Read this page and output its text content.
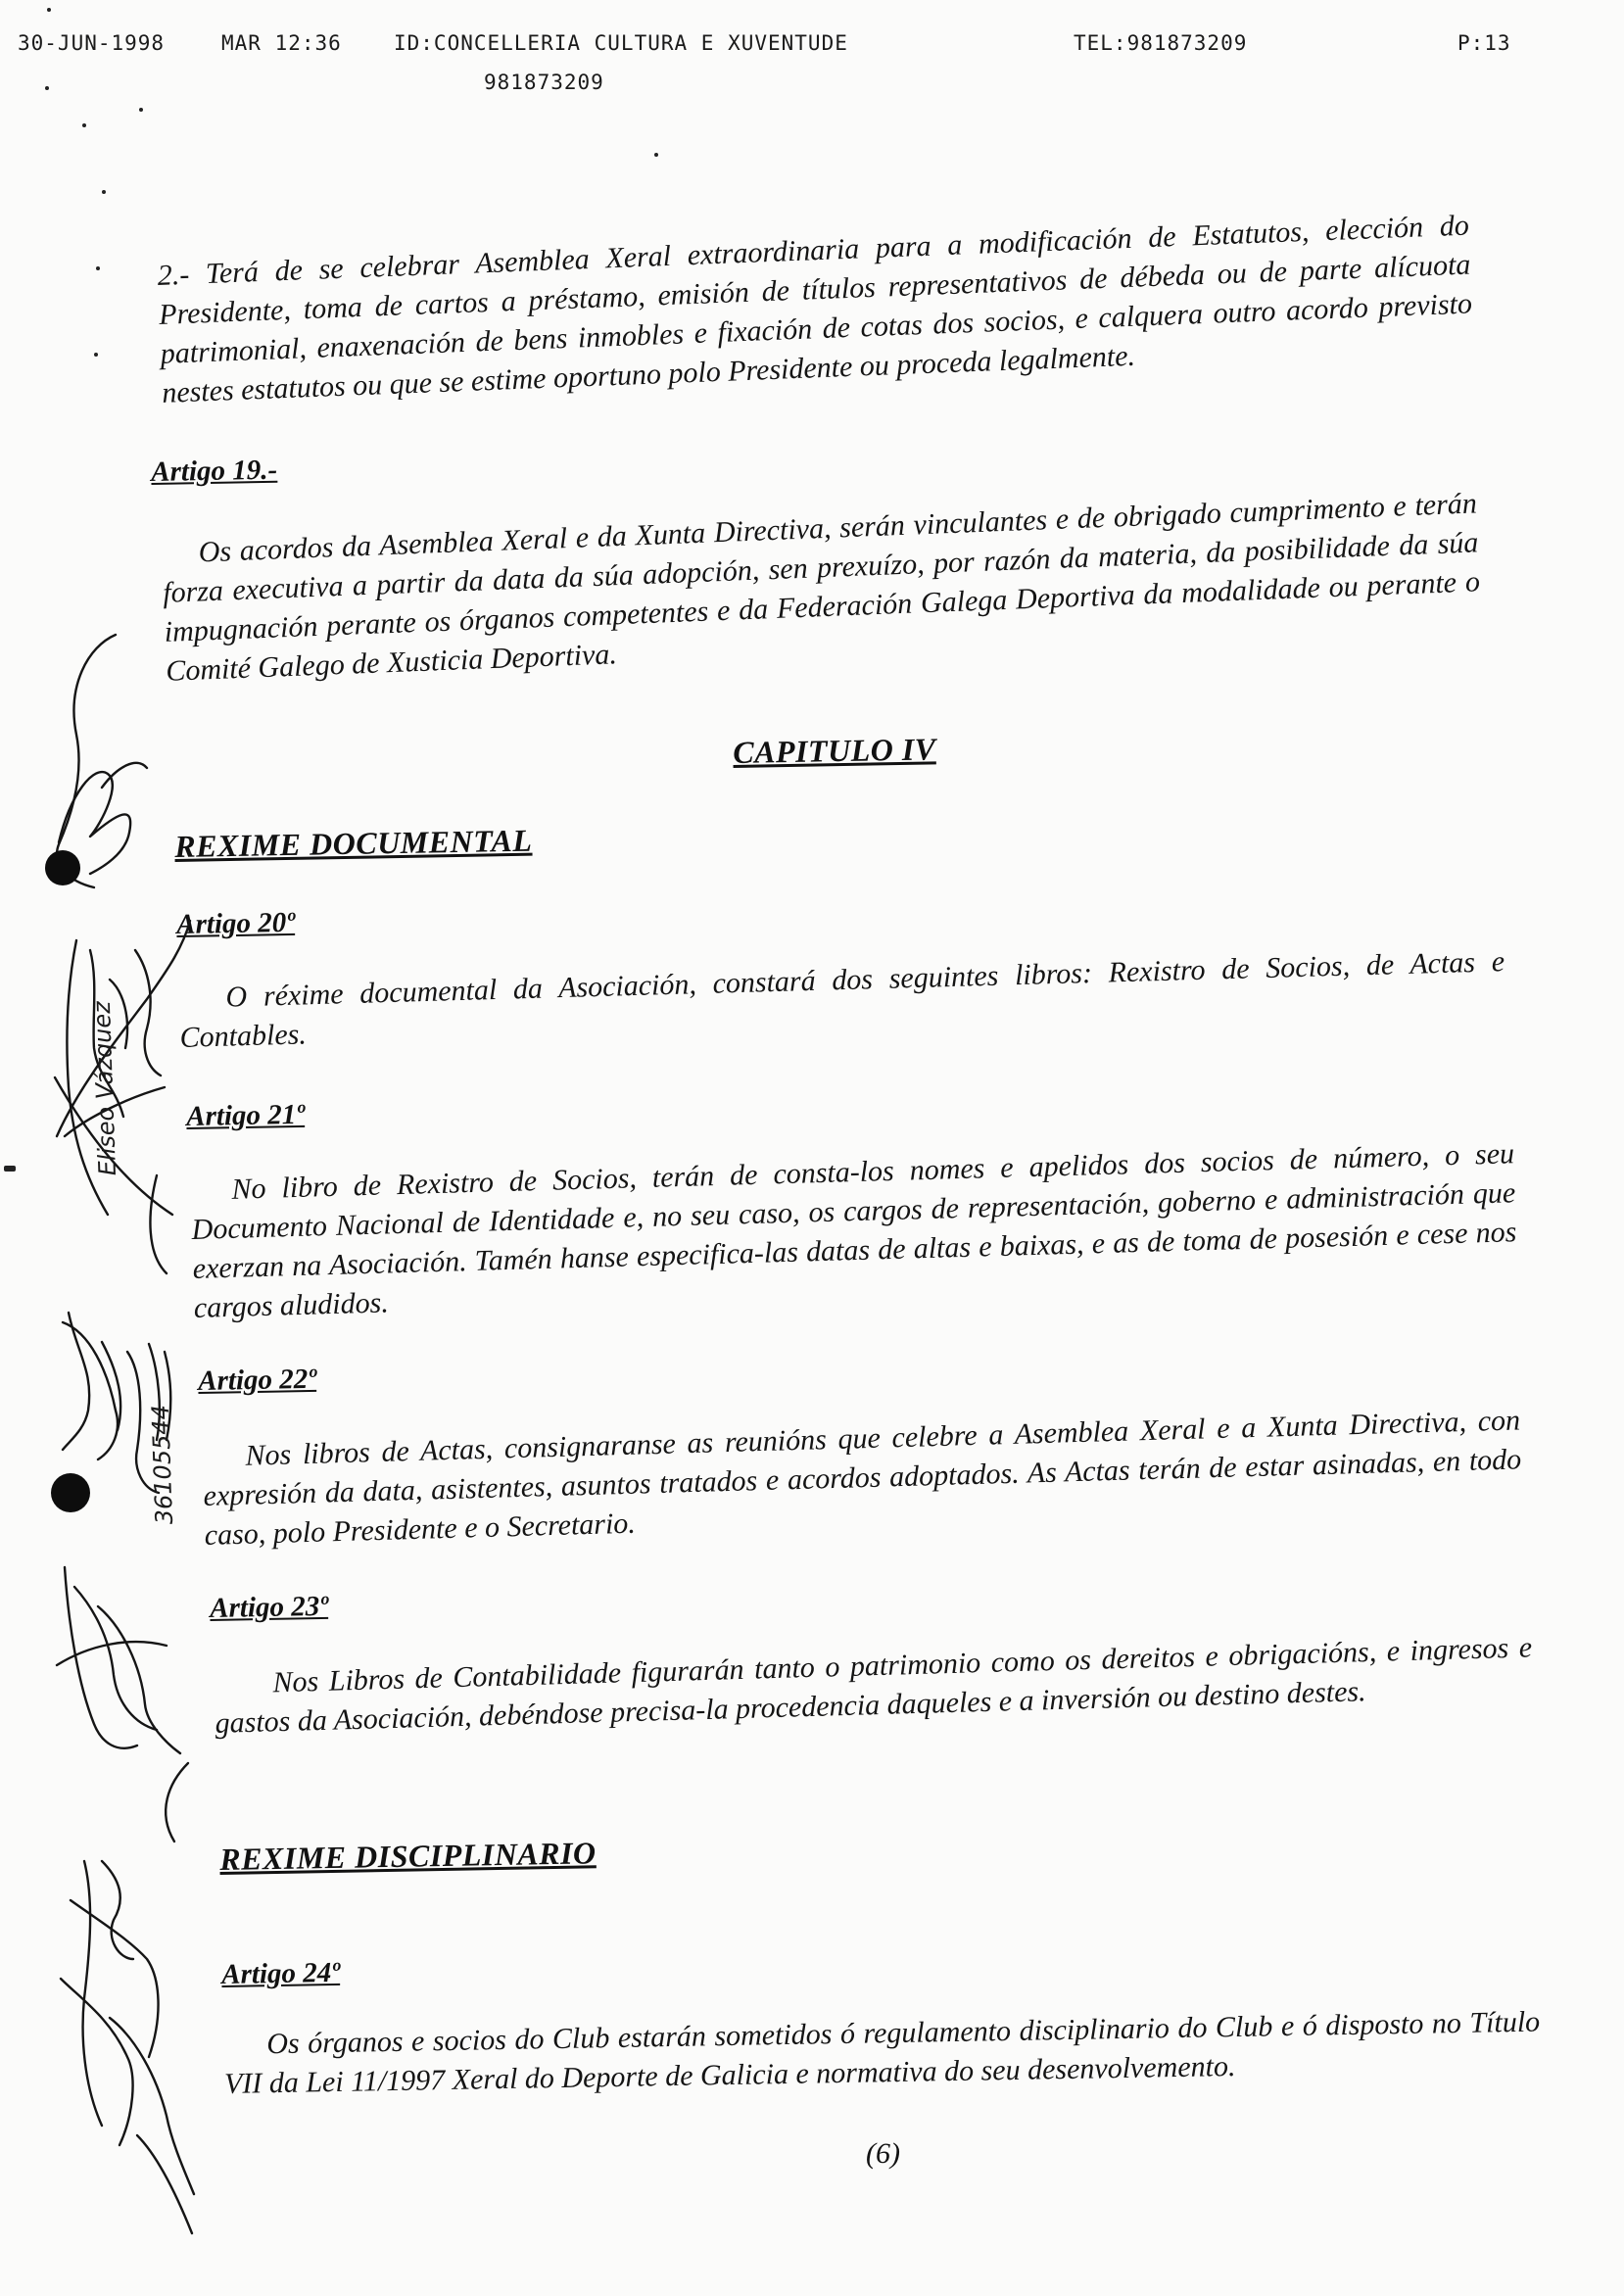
30-JUN-1998	MAR 12:36	ID:CONCELLERIA CULTURA E XUVENTUDE	TEL:981873209	P:13
981873209

2.- Terá de se celebrar Asemblea Xeral extraordinaria para a modificación de Estatutos, elección do Presidente, toma de cartos a préstamo, emisión de títulos representativos de débeda ou de parte alícuota patrimonial, enaxenación de bens inmobles e fixación de cotas dos socios, e calquera outro acordo previsto nestes estatutos ou que se estime oportuno polo Presidente ou proceda legalmente.

Artigo 19.-

Os acordos da Asemblea Xeral e da Xunta Directiva, serán vinculantes e de obrigado cumprimento e terán forza executiva a partir da data da súa adopción, sen prexuízo, por razón da materia, da posibilidade da súa impugnación perante os órganos competentes e da Federación Galega Deportiva da modalidade ou perante o Comité Galego de Xusticia Deportiva.

CAPITULO IV
REXIME DOCUMENTAL
Artigo 20º

O réxime documental da Asociación, constará dos seguintes libros: Rexistro de Socios, de Actas e Contables.

Artigo 21º

No libro de Rexistro de Socios, terán de consta-los nomes e apelidos dos socios de número, o seu Documento Nacional de Identidade e, no seu caso, os cargos de representación, goberno e administración que exerzan na Asociación. Tamén hanse especifica-las datas de altas e baixas, e as de toma de posesión e cese nos cargos aludidos.

Artigo 22º

Nos libros de Actas, consignaranse as reunións que celebre a Asemblea Xeral e a Xunta Directiva, con expresión da data, asistentes, asuntos tratados e acordos adoptados. As Actas terán de estar asinadas, en todo caso, polo Presidente e o Secretario.

Artigo 23º

Nos Libros de Contabilidade figurarán tanto o patrimonio como os dereitos e obrigacións, e ingresos e gastos da Asociación, debéndose precisa-la procedencia daqueles e a inversión ou destino destes.

REXIME DISCIPLINARIO
Artigo 24º

Os órganos e socios do Club estarán sometidos ó regulamento disciplinario do Club e ó disposto no Título VII da Lei 11/1997 Xeral do Deporte de Galicia e normativa do seu desenvolvemento.

(6)
Eliseo Vázquez
36105544
